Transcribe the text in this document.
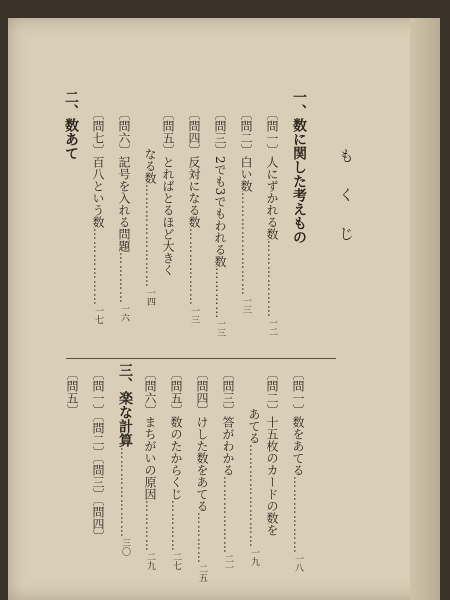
もくじ
一、数に関した考えもの
〔問一〕人にずかれる数………………一二
〔問二〕白い数……………………一三
〔問三〕2でも3でもわれる数…………一三
〔問四〕反対になる数………………一三
〔問五〕とればとるほど大きく
なる数……………………一四
二、数あて	〔問六〕記号を入れる問題…………一六
〔問七〕百八という数………………一七
〔問一〕数をあてる………………一八
〔問二〕十五枚のカードの数を
あてる……………………一九
〔問三〕答がわかる………………二一
〔問四〕けした数をあてる…………二五
〔問五〕数のたからくじ…………二七
〔問六〕まちがいの原因…………二九
三、楽な計算…………………三〇
〔問一〕〔問二〕〔問三〕〔問四〕
〔問五〕
